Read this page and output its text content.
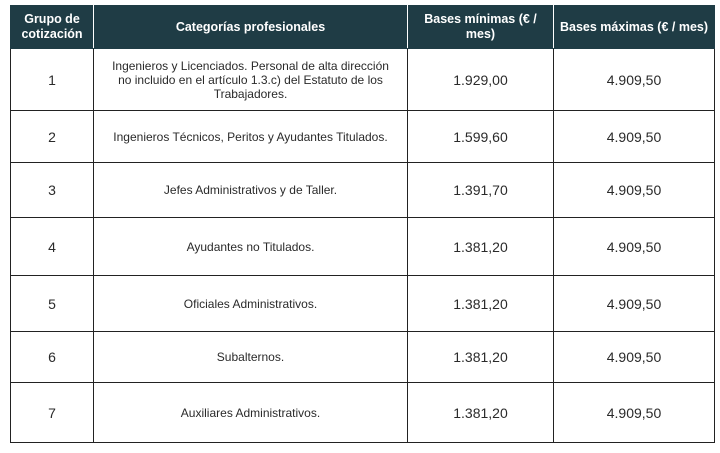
Grupo de cotización	Categorías profesionales	Bases mínimas (€ / mes)	Bases máximas (€ / mes)
1	Ingenieros y Licenciados. Personal de alta dirección no incluido en el artículo 1.3.c) del Estatuto de los Trabajadores.	1.929,00	4.909,50
2	Ingenieros Técnicos, Peritos y Ayudantes Titulados.	1.599,60	4.909,50
3	Jefes Administrativos y de Taller.	1.391,70	4.909,50
4	Ayudantes no Titulados.	1.381,20	4.909,50
5	Oficiales Administrativos.	1.381,20	4.909,50
6	Subalternos.	1.381,20	4.909,50
7	Auxiliares Administrativos.	1.381,20	4.909,50
